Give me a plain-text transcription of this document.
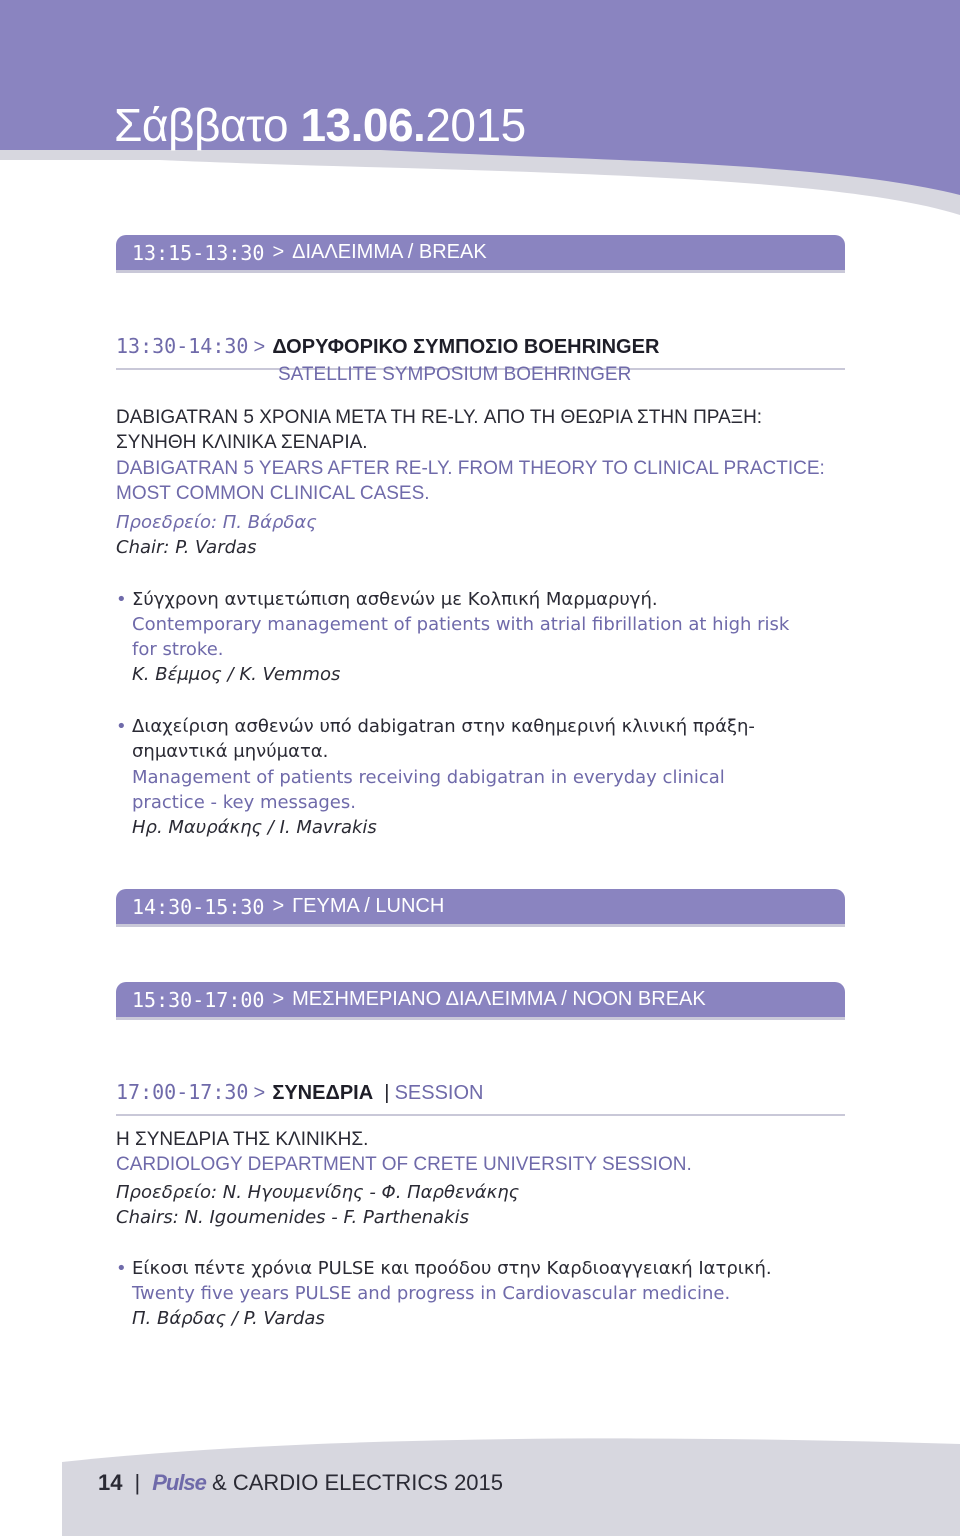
Σάββατο 13.06.2015
13:15-13:30 > ΔΙΑΛΕΙΜΜΑ / BREAK
13:30-14:30 > ΔΟΡΥΦΟΡΙΚΟ ΣΥΜΠΟΣΙΟ BOEHRINGER
SATELLITE SYMPOSIUM BOEHRINGER
DABIGATRAN 5 ΧΡΟΝΙΑ ΜΕΤΑ ΤΗ RE-LY. ΑΠΟ ΤΗ ΘΕΩΡΙΑ ΣΤΗΝ ΠΡΑΞΗ:
ΣΥΝΗΘΗ ΚΛΙΝΙΚΑ ΣΕΝΑΡΙΑ.
DABIGATRAN 5 YEARS AFTER RE-LY. FROM THEORY TO CLINICAL PRACTICE:
MOST COMMON CLINICAL CASES.
Προεδρείο: Π. Βάρδας
Chair: P. Vardas
• Σύγχρονη αντιμετώπιση ασθενών με Κολπική Μαρμαρυγή.
Contemporary management of patients with atrial fibrillation at high risk
for stroke.
Κ. Βέμμος / K. Vemmos
• Διαχείριση ασθενών υπό dabigatran στην καθημερινή κλινική πράξη-
σημαντικά μηνύματα.
Management of patients receiving dabigatran in everyday clinical
practice - key messages.
Ηρ. Μαυράκης / I. Mavrakis
14:30-15:30 > ΓΕΥΜΑ / LUNCH
15:30-17:00 > ΜΕΣΗΜΕΡΙΑΝΟ ΔΙΑΛΕΙΜΜΑ / NOON BREAK
17:00-17:30 > ΣΥΝΕΔΡΙΑ | SESSION
Η ΣΥΝΕΔΡΙΑ ΤΗΣ ΚΛΙΝΙΚΗΣ.
CARDIOLOGY DEPARTMENT OF CRETE UNIVERSITY SESSION.
Προεδρείο: Ν. Ηγουμενίδης - Φ. Παρθενάκης
Chairs: N. Igoumenides - F. Parthenakis
• Είκοσι πέντε χρόνια PULSE και προόδου στην Καρδιοαγγειακή Ιατρική.
Twenty five years PULSE and progress in Cardiovascular medicine.
Π. Βάρδας / P. Vardas
14 | Pulse & CARDIO ELECTRICS 2015
